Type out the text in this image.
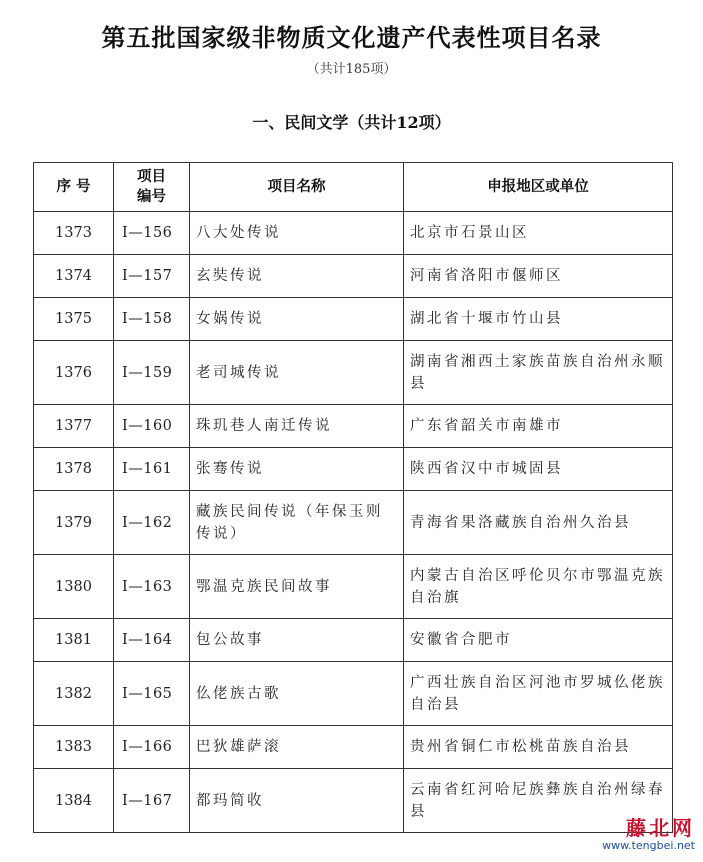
第五批国家级非物质文化遗产代表性项目名录
（共计185项）
一、民间文学（共计12项）
序 号	项目编号	项目名称	申报地区或单位
1373	Ⅰ—156	八大处传说	北京市石景山区
1374	Ⅰ—157	玄奘传说	河南省洛阳市偃师区
1375	Ⅰ—158	女娲传说	湖北省十堰市竹山县
1376	Ⅰ—159	老司城传说	湖南省湘西土家族苗族自治州永顺县
1377	Ⅰ—160	珠玑巷人南迁传说	广东省韶关市南雄市
1378	Ⅰ—161	张骞传说	陕西省汉中市城固县
1379	Ⅰ—162	藏族民间传说（年保玉则传说）	青海省果洛藏族自治州久治县
1380	Ⅰ—163	鄂温克族民间故事	内蒙古自治区呼伦贝尔市鄂温克族自治旗
1381	Ⅰ—164	包公故事	安徽省合肥市
1382	Ⅰ—165	仫佬族古歌	广西壮族自治区河池市罗城仫佬族自治县
1383	Ⅰ—166	巴狄雄萨滚	贵州省铜仁市松桃苗族自治县
1384	Ⅰ—167	都玛简收	云南省红河哈尼族彝族自治州绿春县
藤北网
www.tengbei.net
